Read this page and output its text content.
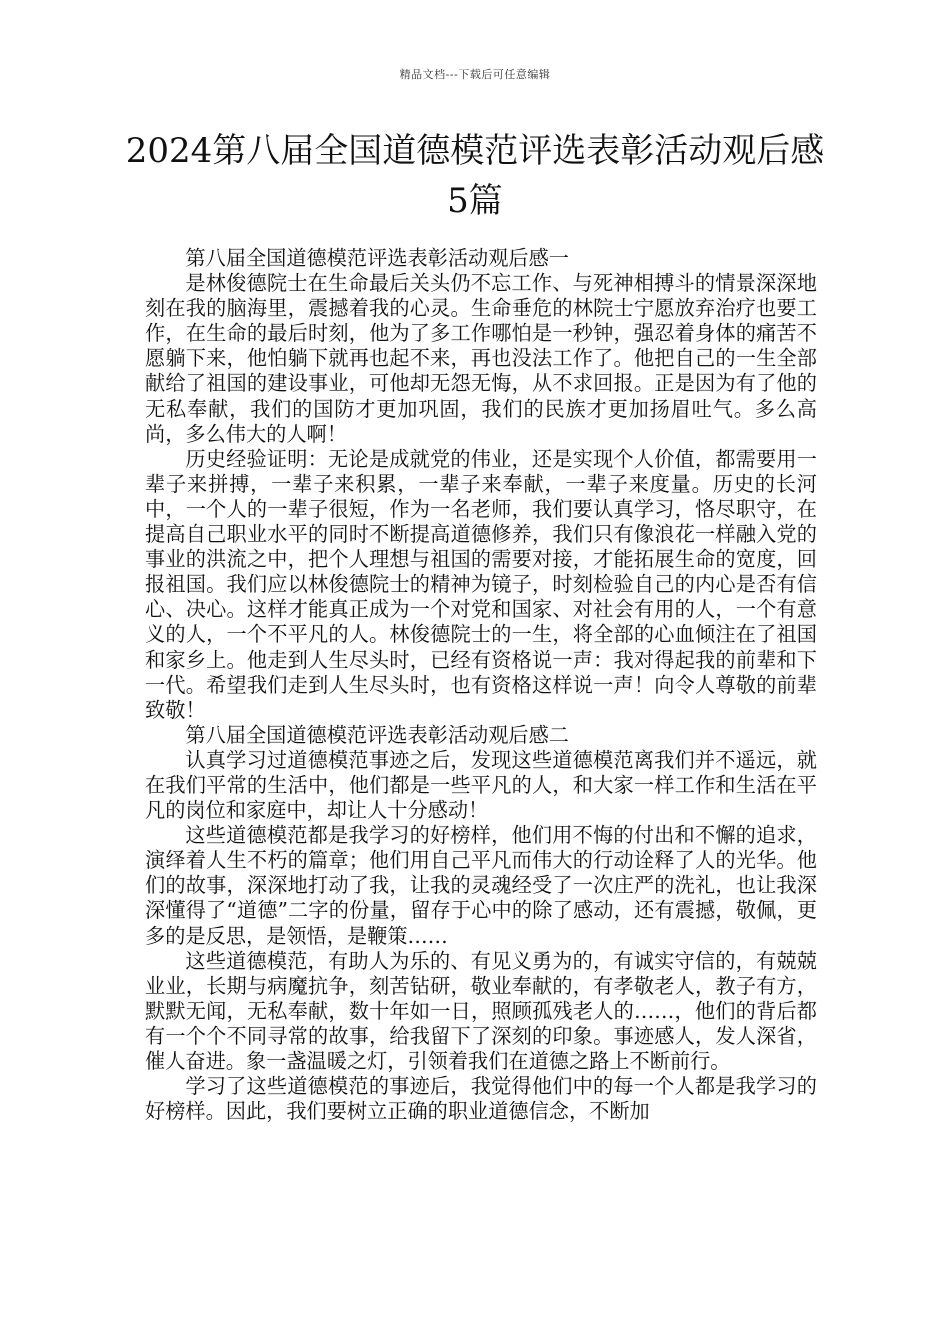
精品文档---下载后可任意编辑
2024第八届全国道德模范评选表彰活动观后感5篇

第八届全国道德模范评选表彰活动观后感一

是林俊德院士在生命最后关头仍不忘工作、与死神相搏斗的情景深深地刻在我的脑海里，震撼着我的心灵。生命垂危的林院士宁愿放弃治疗也要工作，在生命的最后时刻，他为了多工作哪怕是一秒钟，强忍着身体的痛苦不愿躺下来，他怕躺下就再也起不来，再也没法工作了。他把自己的一生全部献给了祖国的建设事业，可他却无怨无悔，从不求回报。正是因为有了他的无私奉献，我们的国防才更加巩固，我们的民族才更加扬眉吐气。多么高尚，多么伟大的人啊！

历史经验证明：无论是成就党的伟业，还是实现个人价值，都需要用一辈子来拼搏，一辈子来积累，一辈子来奉献，一辈子来度量。历史的长河中，一个人的一辈子很短，作为一名老师，我们要认真学习，恪尽职守，在提高自己职业水平的同时不断提高道德修养，我们只有像浪花一样融入党的事业的洪流之中，把个人理想与祖国的需要对接，才能拓展生命的宽度，回报祖国。我们应以林俊德院士的精神为镜子，时刻检验自己的内心是否有信心、决心。这样才能真正成为一个对党和国家、对社会有用的人，一个有意义的人，一个不平凡的人。林俊德院士的一生，将全部的心血倾注在了祖国和家乡上。他走到人生尽头时，已经有资格说一声：我对得起我的前辈和下一代。希望我们走到人生尽头时，也有资格这样说一声！向令人尊敬的前辈致敬！

第八届全国道德模范评选表彰活动观后感二

认真学习过道德模范事迹之后，发现这些道德模范离我们并不遥远，就在我们平常的生活中，他们都是一些平凡的人，和大家一样工作和生活在平凡的岗位和家庭中，却让人十分感动！

这些道德模范都是我学习的好榜样，他们用不悔的付出和不懈的追求，演绎着人生不朽的篇章；他们用自己平凡而伟大的行动诠释了人的光华。他们的故事，深深地打动了我，让我的灵魂经受了一次庄严的洗礼，也让我深深懂得了“道德”二字的份量，留存于心中的除了感动，还有震撼，敬佩，更多的是反思，是领悟，是鞭策……

这些道德模范，有助人为乐的、有见义勇为的，有诚实守信的，有兢兢业业，长期与病魔抗争，刻苦钻研，敬业奉献的，有孝敬老人，教子有方，默默无闻，无私奉献，数十年如一日，照顾孤残老人的……，他们的背后都有一个个不同寻常的故事，给我留下了深刻的印象。事迹感人，发人深省，催人奋进。象一盏温暖之灯，引领着我们在道德之路上不断前行。

学习了这些道德模范的事迹后，我觉得他们中的每一个人都是我学习的好榜样。因此，我们要树立正确的职业道德信念，不断加
